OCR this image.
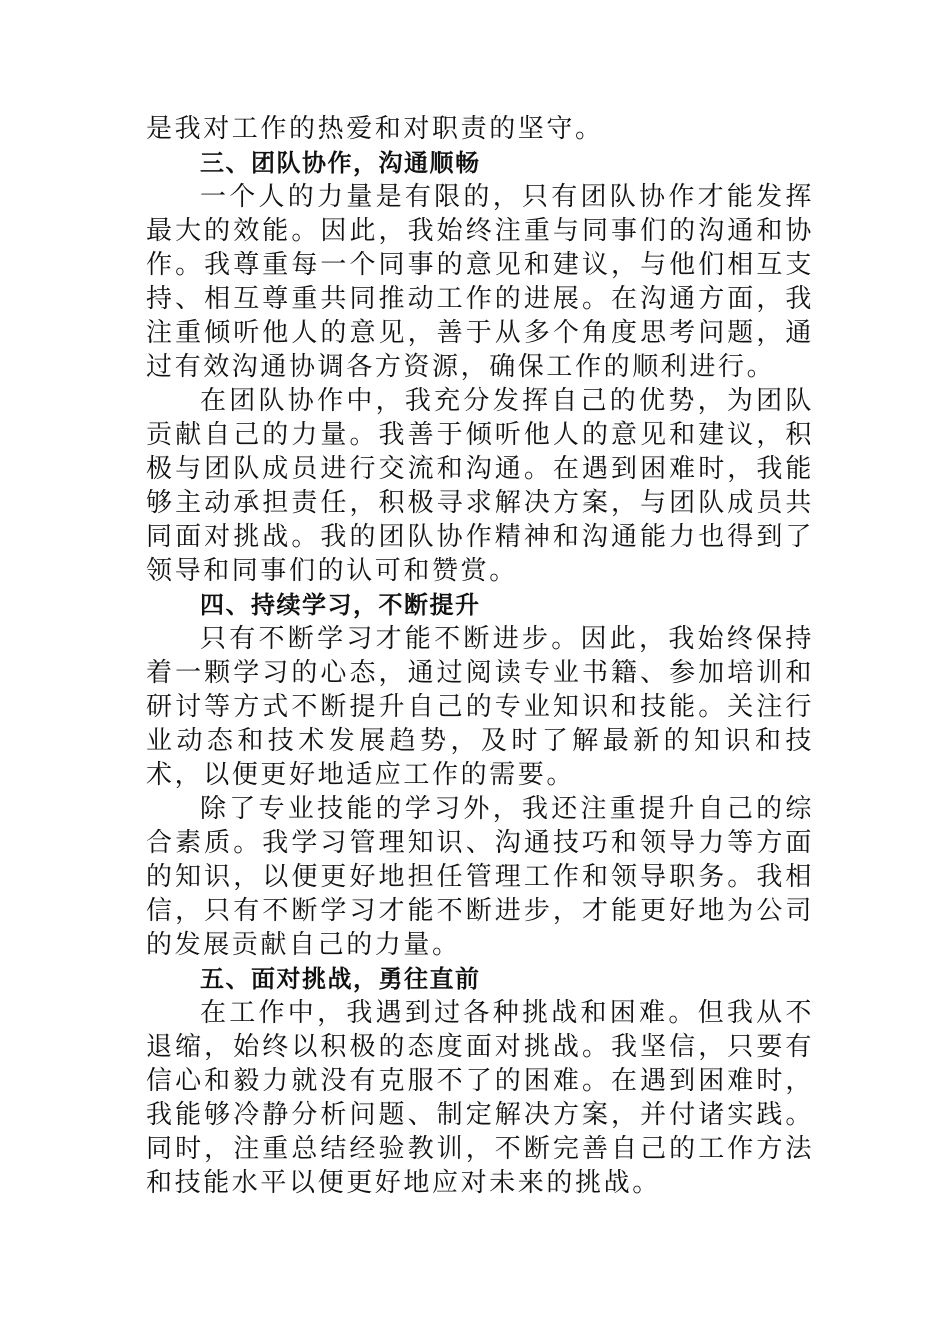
是我对工作的热爱和对职责的坚守。

三、团队协作，沟通顺畅

一个人的力量是有限的，只有团队协作才能发挥最大的效能。因此，我始终注重与同事们的沟通和协作。我尊重每一个同事的意见和建议，与他们相互支持、相互尊重共同推动工作的进展。在沟通方面，我注重倾听他人的意见，善于从多个角度思考问题，通过有效沟通协调各方资源，确保工作的顺利进行。

在团队协作中，我充分发挥自己的优势，为团队贡献自己的力量。我善于倾听他人的意见和建议，积极与团队成员进行交流和沟通。在遇到困难时，我能够主动承担责任，积极寻求解决方案，与团队成员共同面对挑战。我的团队协作精神和沟通能力也得到了领导和同事们的认可和赞赏。

四、持续学习，不断提升

只有不断学习才能不断进步。因此，我始终保持着一颗学习的心态，通过阅读专业书籍、参加培训和研讨等方式不断提升自己的专业知识和技能。关注行业动态和技术发展趋势，及时了解最新的知识和技术，以便更好地适应工作的需要。

除了专业技能的学习外，我还注重提升自己的综合素质。我学习管理知识、沟通技巧和领导力等方面的知识，以便更好地担任管理工作和领导职务。我相信，只有不断学习才能不断进步，才能更好地为公司的发展贡献自己的力量。

五、面对挑战，勇往直前

在工作中，我遇到过各种挑战和困难。但我从不退缩，始终以积极的态度面对挑战。我坚信，只要有信心和毅力就没有克服不了的困难。在遇到困难时，我能够冷静分析问题、制定解决方案，并付诸实践。同时，注重总结经验教训，不断完善自己的工作方法和技能水平以便更好地应对未来的挑战。
